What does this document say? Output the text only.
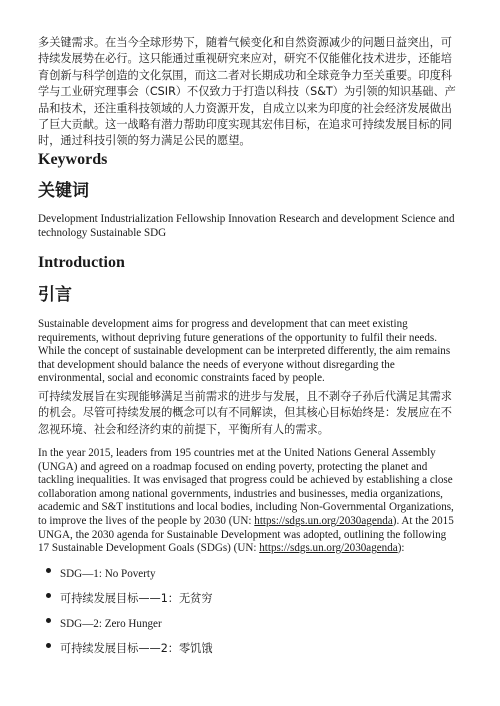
多关键需求。在当今全球形势下，随着气候变化和自然资源减少的问题日益突出，可持续发展势在必行。这只能通过重视研究来应对，研究不仅能催化技术进步，还能培育创新与科学创造的文化氛围，而这二者对长期成功和全球竞争力至关重要。印度科学与工业研究理事会（CSIR）不仅致力于打造以科技（S&T）为引领的知识基础、产品和技术，还注重科技领域的人力资源开发，自成立以来为印度的社会经济发展做出了巨大贡献。这一战略有潜力帮助印度实现其宏伟目标，在追求可持续发展目标的同时，通过科技引领的努力满足公民的愿望。

Keywords
关键词

Development Industrialization Fellowship Innovation Research and development Science and technology Sustainable SDG

Introduction
引言

Sustainable development aims for progress and development that can meet existing requirements, without depriving future generations of the opportunity to fulfil their needs. While the concept of sustainable development can be interpreted differently, the aim remains that development should balance the needs of everyone without disregarding the environmental, social and economic constraints faced by people.

可持续发展旨在实现能够满足当前需求的进步与发展，且不剥夺子孙后代满足其需求的机会。尽管可持续发展的概念可以有不同解读，但其核心目标始终是：发展应在不忽视环境、社会和经济约束的前提下，平衡所有人的需求。

In the year 2015, leaders from 195 countries met at the United Nations General Assembly (UNGA) and agreed on a roadmap focused on ending poverty, protecting the planet and tackling inequalities. It was envisaged that progress could be achieved by establishing a close collaboration among national governments, industries and businesses, media organizations, academic and S&T institutions and local bodies, including Non-Governmental Organizations, to improve the lives of the people by 2030 (UN: https://sdgs.un.org/2030agenda). At the 2015 UNGA, the 2030 agenda for Sustainable Development was adopted, outlining the following 17 Sustainable Development Goals (SDGs) (UN: https://sdgs.un.org/2030agenda):

SDG—1: No Poverty
可持续发展目标——1：无贫穷
SDG—2: Zero Hunger
可持续发展目标——2：零饥饿
